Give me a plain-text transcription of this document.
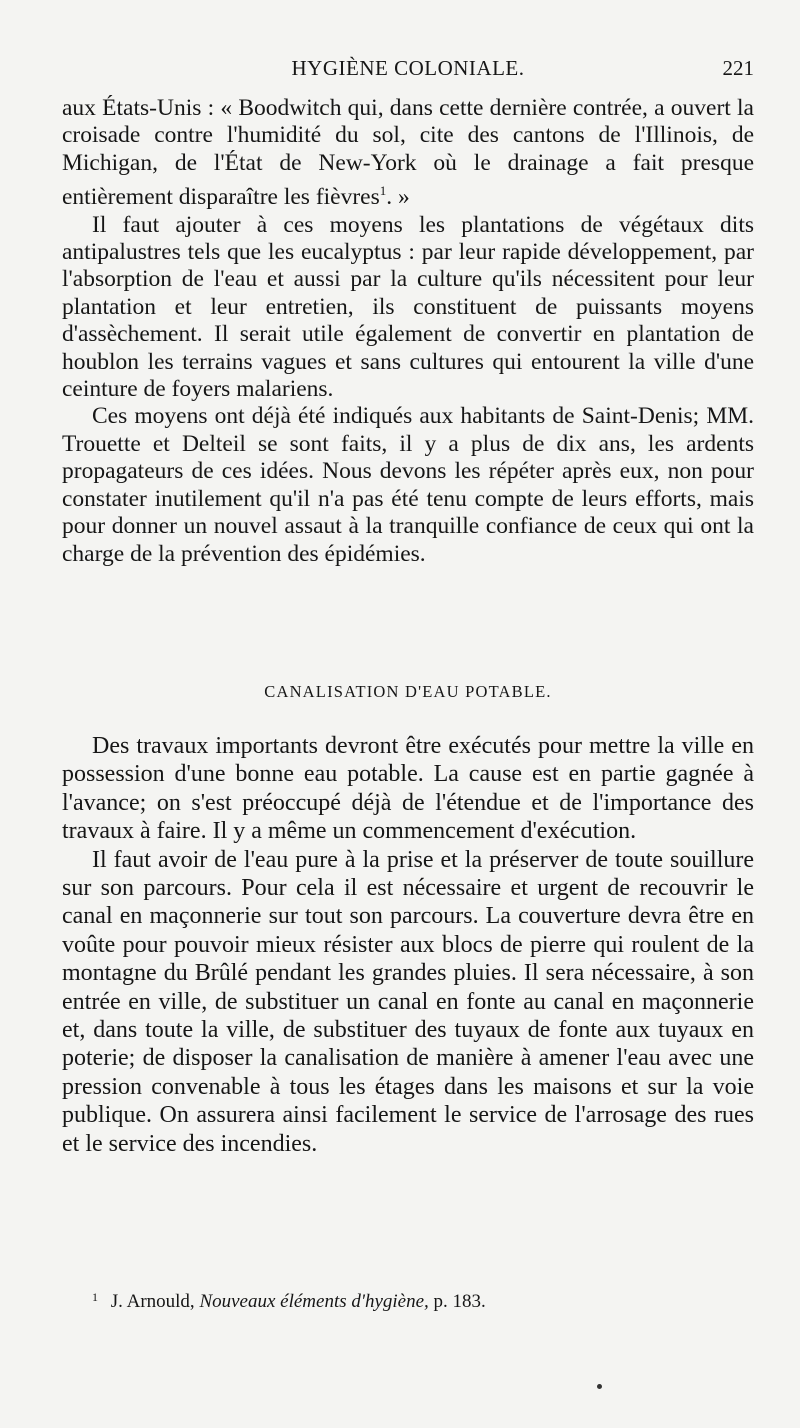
HYGIÈNE COLONIALE.	221

aux États-Unis : « Boodwitch qui, dans cette dernière contrée, a ouvert la croisade contre l'humidité du sol, cite des cantons de l'Illinois, de Michigan, de l'État de New-York où le drainage a fait presque entièrement disparaître les fièvres$^1$. »

Il faut ajouter à ces moyens les plantations de végétaux dits antipalustres tels que les eucalyptus : par leur rapide développement, par l'absorption de l'eau et aussi par la culture qu'ils nécessitent pour leur plantation et leur entretien, ils constituent de puissants moyens d'assèchement. Il serait utile également de convertir en plantation de houblon les terrains vagues et sans cultures qui entourent la ville d'une ceinture de foyers malariens.

Ces moyens ont déjà été indiqués aux habitants de Saint-Denis; MM. Trouette et Delteil se sont faits, il y a plus de dix ans, les ardents propagateurs de ces idées. Nous devons les répéter après eux, non pour constater inutilement qu'il n'a pas été tenu compte de leurs efforts, mais pour donner un nouvel assaut à la tranquille confiance de ceux qui ont la charge de la prévention des épidémies.

CANALISATION D'EAU POTABLE.

Des travaux importants devront être exécutés pour mettre la ville en possession d'une bonne eau potable. La cause est en partie gagnée à l'avance; on s'est préoccupé déjà de l'étendue et de l'importance des travaux à faire. Il y a même un commencement d'exécution.

Il faut avoir de l'eau pure à la prise et la préserver de toute souillure sur son parcours. Pour cela il est nécessaire et urgent de recouvrir le canal en maçonnerie sur tout son parcours. La couverture devra être en voûte pour pouvoir mieux résister aux blocs de pierre qui roulent de la montagne du Brûlé pendant les grandes pluies. Il sera nécessaire, à son entrée en ville, de substituer un canal en fonte au canal en maçonnerie et, dans toute la ville, de substituer des tuyaux de fonte aux tuyaux en poterie; de disposer la canalisation de manière à amener l'eau avec une pression convenable à tous les étages dans les maisons et sur la voie publique. On assurera ainsi facilement le service de l'arrosage des rues et le service des incendies.

$^1$ J. Arnould, Nouveaux éléments d'hygiène, p. 183.
